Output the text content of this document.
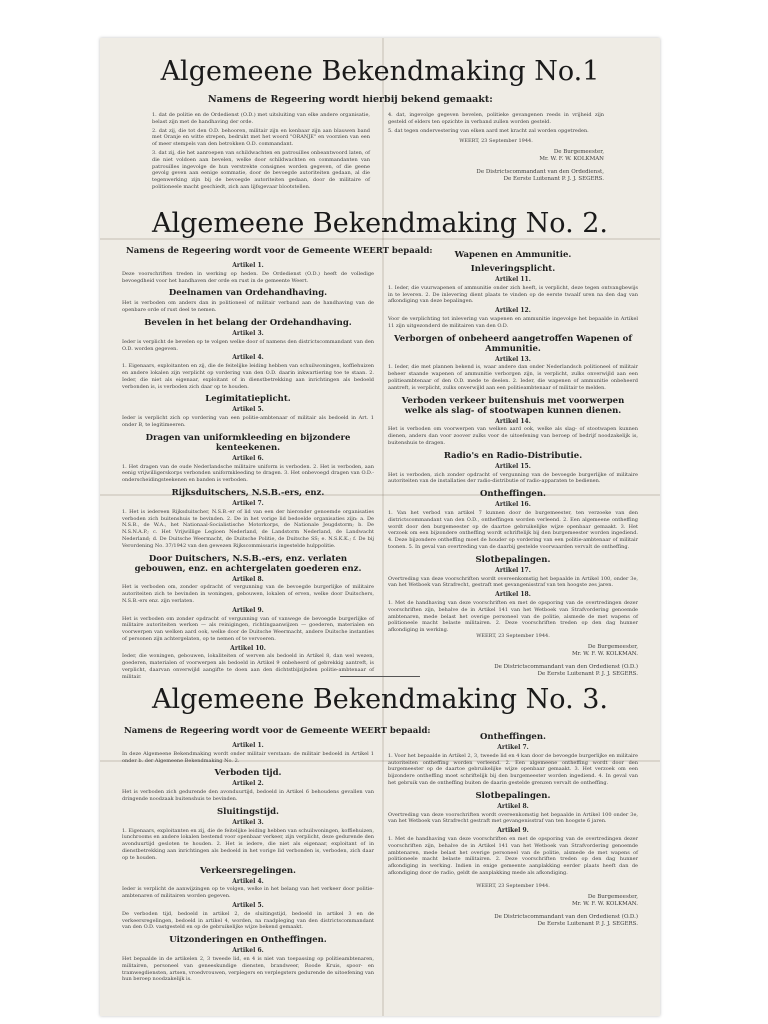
Algemeene Bekendmaking No.1
Namens de Regeering wordt hierbij bekend gemaakt:

1. dat de politie en de Ordedienst (O.D.) met uitsluiting van elke andere organisatie, belast zijn met de handhaving der orde.

2. dat zij, die tot den O.D. behooren, militair zijn en kenbaar zijn aan blauwen band met Oranje en witte strepen, bedrukt met het woord "ORANJE" en voorzien van een of meer stempels van den betrokken O.D. commandant.

3. dat zij, die het aanroepen van schildwachten en patrouilles onbeantwoord laten, of die niet voldoen aan bevelen, welke door schildwachten en commandanten van patrouilles ingevolge de hun verstrekte consignes worden gegeven, of die geene gevolg geven aan eenige sommatie, door de bevoegde autoriteiten gedaan, al die tegenwerking zijn bij de bevoegde autoriteiten gedaan, door de militaire of politioneele macht geschiedt, zich aan lijfsgevaar blootstellen.

4. dat, ingevolge gegeven bevelen, politieke gevangenen reeds in vrijheid zijn gesteld of elders ten opzichte in verband zullen worden gesteld.

5. dat tegen ondervestering van elken aard met kracht zal worden opgetreden.

WEERT, 23 September 1944.
De Burgemeester,
Mr. W. F. W. KOLKMAN
De Districtscommandant van den Ordedienst,
De Eerste Luitenant P. J. J. SEGERS.
Algemeene Bekendmaking No. 2.
Namens de Regeering wordt voor de Gemeente WEERT bepaald:
Artikel 1.

Deze voorschriften treden in werking op heden. De Ordedienst (O.D.) heeft de volledige bevoegdheid voor het handhaven der orde en rust in de gemeente Weert.

Deelnamen van Ordehandhaving.

Het is verboden om anders dan in politioneel of militair verband aan de handhaving van de openbare orde of rust deel te nemen.

Bevelen in het belang der Ordehandhaving.
Artikel 3.

Ieder is verplicht de bevelen op te volgen welke door of namens den districtscommandant van den O.D. worden gegeven.

Artikel 4.

1. Eigenaars, exploitanten en zij, die de feitelijke leiding hebben van schuilwoningen, koffiehuizen en andere lokalen zijn verplicht op vordering van den O.D. daarin inkwartiering toe te staan. 2. Ieder, die niet als eigenaar, exploitant of in dienstbetrekking aan inrichtingen als bedoeld verbonden is, is verboden zich daar op te houden.

Legimitatieplicht.
Artikel 5.

Ieder is verplicht zich op vordering van een politie-ambtenaar of militair als bedoeld in Art. 1 onder B, te legitimeeren.

Dragen van uniformkleeding en bijzondere kenteekenen.
Artikel 6.

1. Het dragen van de oude Nederlandsche militaire uniform is verboden. 2. Het is verboden, aan eenig vrijwilligerskorps verbonden uniformkleeding te dragen. 3. Het onbevoegd dragen van O.D.-onderscheidingsteekenen en banden is verboden.

Rijksduitschers, N.S.B.-ers, enz.
Artikel 7.

1. Het is iedereen Rijksduitscher, N.S.B.-er of lid van een der hieronder genoemde organisaties verboden zich buitenshuis te bevinden. 2. De in het vorige lid bedoelde organisaties zijn: a. De N.S.B., de W.A., het Nationaal-Socialistische Motorkorps, de Nationale Jeugdstorm; b. De N.S.N.A.P.; c. Het Vrijwillige Legioen Nederland, de Landstorm Nederland, de Landwacht Nederland; d. De Duitsche Weermacht, de Duitsche Politie, de Duitsche SS; e. N.S.K.K.; f. De bij Verordening No. 37/1942 van den gewezen Rijkscommissaris ingestelde hulppolitie.

Door Duitschers, N.S.B.-ers, enz. verlaten gebouwen, enz. en achtergelaten goederen enz.
Artikel 8.

Het is verboden om, zonder opdracht of vergunning van de bevoegde burgerlijke of militaire autoriteiten zich te bevinden in woningen, gebouwen, lokalen of erven, welke door Duitschers, N.S.B.-ers enz. zijn verlaten.

Artikel 9.

Het is verboden om zonder opdracht of vergunning van of vanwege de bevoegde burgerlijke of militaire autoriteiten werken — als reinigingen, richtingaanwijzen — goederen, materialen en voorwerpen van welken aard ook, welke door de Duitsche Weermacht, andere Duitsche instanties of personen zijn achtergelaten, op te nemen of te vervoeren.

Artikel 10.

Ieder, die woningen, gebouwen, lokaliteiten of werven als bedoeld in Artikel 8, dan wel wezen, goederen, materialen of voorwerpen als bedoeld in Artikel 9 onbeheerd of gebrekkig aantreft, is verplicht, daarvan onverwijld aangifte te doen aan den dichtstbijzijnden politie-ambtenaar of militair.

Wapenen en Ammunitie.
Inleveringsplicht.
Artikel 11.

1. Ieder, die vuurwapenen of ammunitie onder zich heeft, is verplicht, deze tegen ontvangbewijs in te leveren. 2. De inlevering dient plaats te vinden op de eerste twaalf uren na den dag van afkondiging van deze bepalingen.

Artikel 12.

Voor de verplichting tot inlevering van wapenen en ammunitie ingevolge het bepaalde in Artikel 11 zijn uitgezonderd de militairen van den O.D.

Verborgen of onbeheerd aangetroffen Wapenen of Ammunitie.
Artikel 13.

1. Ieder, die met plannen bekend is, waar andere dan onder Nederlandsch politioneel of militair beheer staande wapenen of ammunitie verborgen zijn, is verplicht, zulks onverwijld aan een politieambtenaar of den O.D. mede te deelen. 2. Ieder, die wapenen of ammunitie onbeheerd aantreft, is verplicht, zulks onverwijld aan een politieambtenaar of militair te melden.

Verboden verkeer buitenshuis met voorwerpen welke als slag- of stootwapen kunnen dienen.
Artikel 14.

Het is verboden om voorwerpen van welken aard ook, welke als slag- of stootwapen kunnen dienen, anders dan voor zoover zulks voor de uitoefening van beroep of bedrijf noodzakelijk is, buitenshuis te dragen.

Radio's en Radio-Distributie.
Artikel 15.

Het is verboden, zich zonder opdracht of vergunning van de bevoegde burgerlijke of militaire autoriteiten van de installaties der radio-distributie of radio-apparaten te bedienen.

Ontheffingen.
Artikel 16.

1. Van het verbod van artikel 7 kunnen door de burgemeester, ten verzoeke van den districtscommandant van den O.D., ontheffingen worden verleend. 2. Een algemeene ontheffing wordt door den burgemeester op de daartoe gebruikelijke wijze openbaar gemaakt. 3. Het verzoek om een bijzondere ontheffing wordt schriftelijk bij den burgemeester worden ingediend. 4. Deze bijzondere ontheffing moet de houder op vordering van een politie-ambtenaar of militair toonen. 5. In geval van overtreding van de daarbij gestelde voorwaarden vervalt de ontheffing.

Slotbepalingen.
Artikel 17.

Overtreding van deze voorschriften wordt overeenkomstig het bepaalde in Artikel 100, onder 3e, van het Wetboek van Strafrecht, gestraft met gevangenisstraf van ten hoogste zes jaren.

Artikel 18.

1. Met de handhaving van deze voorschriften en met de opsporing van de overtredingen dezer voorschriften zijn, behalve de in Artikel 141 van het Wetboek van Strafvordering genoemde ambtenaren, mede belast het overige personeel van de politie, alsmede de met wapens of politioneele macht belaste militairen. 2. Deze voorschriften treden op den dag hunner afkondiging in werking.

WEERT, 23 September 1944.
De Burgemeester,
Mr. W. F. W. KOLKMAN.
De Districtscommandant van den Ordedienst (O.D.)
De Eerste Luitenant P. J. J. SEGERS.
Algemeene Bekendmaking No. 3.
Namens de Regeering wordt voor de Gemeente WEERT bepaald:
Artikel 1.

In deze Algemeene Bekendmaking wordt onder militair verstaan: de militair bedoeld in Artikel 1 onder b. der Algemeene Bekendmaking No. 2.

Verboden tijd.
Artikel 2.

Het is verboden zich gedurende den avonduurtijd, bedoeld in Artikel 6 behoudens gevallen van dringende noodzaak buitenshuis te bevinden.

Sluitingstijd.
Artikel 3.

1. Eigenaars, exploitanten en zij, die de feitelijke leiding hebben van schuilwoningen, koffiehuizen, lunchrooms en andere lokalen bestemd voor openbaar verkeer, zijn verplicht, deze gedurende den avonduurtijd gesloten te houden. 2. Het is iedere, die niet als eigenaar, exploitant of in dienstbetrekking aan inrichtingen als bedoeld in het vorige lid verbonden is, verboden, zich daar op te houden.

Verkeersregelingen.
Artikel 4.

Ieder is verplicht de aanwijzingen op te volgen, welke in het belang van het verkeer door politie-ambtenaren of militairen worden gegeven.

Artikel 5.

De verboden tijd, bedoeld in artikel 2, de sluitingstijd, bedoeld in artikel 3 en de verkeersregelingen, bedoeld in artikel 4, worden, na raadpleging van den districtscommandant van den O.D. vastgesteld en op de gebruikelijke wijze bekend gemaakt.

Uitzonderingen en Ontheffingen.
Artikel 6.

Het bepaalde in de artikelen 2, 3 tweede lid, en 4 is niet van toepassing op politieambtenaren, militairen, personeel van geneeskundige diensten, brandweer, Roode Kruis, spoor- en tramwegdiensten, artsen, vroedvrouwen, verplegers en verplegsters gedurende de uitoefening van hun beroep noodzakelijk is.

Ontheffingen.
Artikel 7.

1. Voor het bepaalde in Artikel 2, 3, tweede lid en 4 kan door de bevoegde burgerlijke en militaire autoriteiten ontheffing worden verleend. 2. Een algemeene ontheffing wordt door den burgemeester op de daartoe gebruikelijke wijze openbaar gemaakt. 3. Het verzoek om een bijzondere ontheffing moet schriftelijk bij den burgemeester worden ingediend. 4. In geval van het gebruik van de ontheffing buiten de daarin gestelde grenzen vervalt de ontheffing.

Slotbepalingen.
Artikel 8.

Overtreding van deze voorschriften wordt overeenkomstig het bepaalde in Artikel 100 onder 3e, van het Wetboek van Strafrecht gestraft met gevangenisstraf van ten hoogste 6 jaren.

Artikel 9.

1. Met de handhaving van deze voorschriften en met de opsporing van de overtredingen dezer voorschriften zijn, behalve de in Artikel 141 van het Wetboek van Strafvordering genoemde ambtenaren, mede belast het overige personeel van de politie, alsmede de met wapens of politioneele macht belaste militairen. 2. Deze voorschriften treden op den dag hunner afkondiging in werking. Indien in enige gemeente aanplakking eerder plaats heeft dan de afkondiging door de radio, geldt de aanplakking mede als afkondiging.

WEERT, 23 September 1944.
De Burgemeester,
Mr. W. F. W. KOLKMAN.
De Districtscommandant van den Ordedienst (O.D.)
De Eerste Luitenant P. J. J. SEGERS.
